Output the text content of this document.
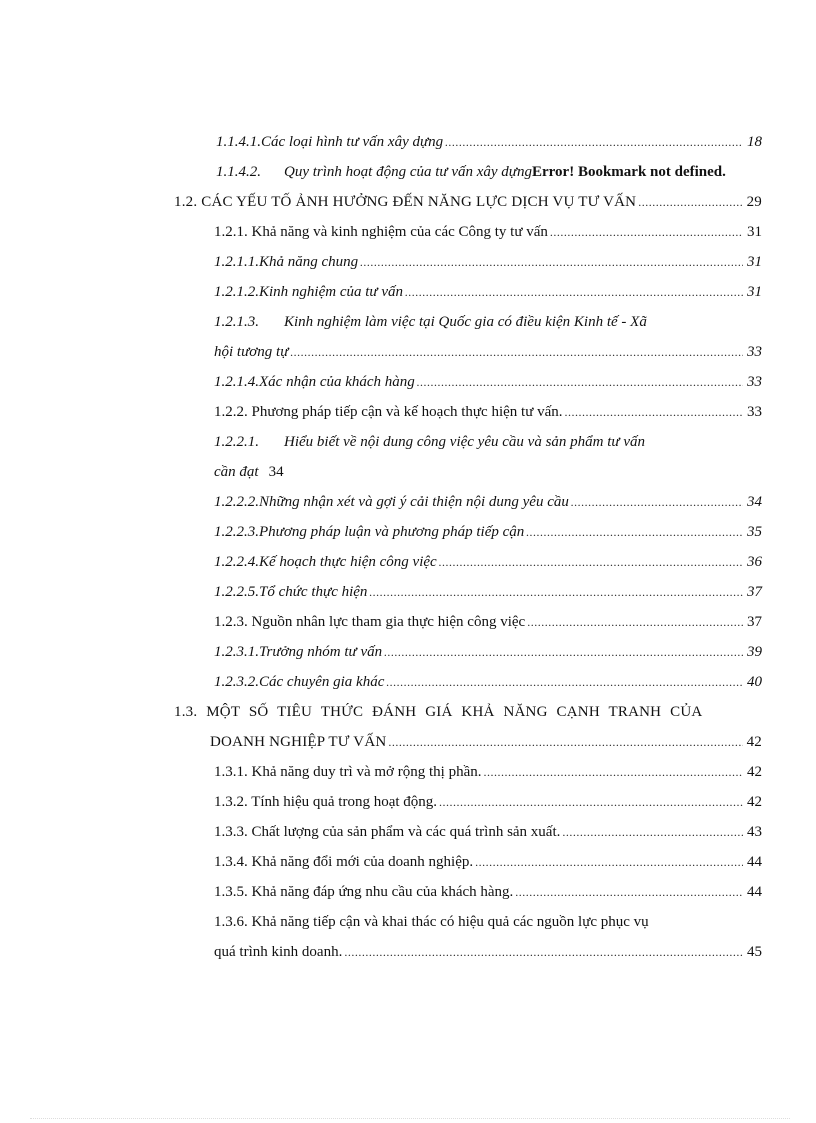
1.1.4.1. Các loại hình tư vấn xây dựng .....	18
1.1.4.2.	Quy trình hoạt động của tư vấn xây dựng Error! Bookmark not defined.
1.2. CÁC YẾU TỐ ẢNH HƯỞNG ĐẾN NĂNG LỰC DỊCH VỤ TƯ VẤN .....	29
1.2.1. Khả năng và kinh nghiệm của các Công ty tư vấn .....	31
1.2.1.1. Khả năng chung .....	31
1.2.1.2. Kinh nghiệm của tư vấn .....	31
1.2.1.3.	Kinh nghiệm làm việc tại Quốc gia có điều kiện Kinh tế - Xã
hội tương tự .....	33
1.2.1.4. Xác nhận của khách hàng .....	33
1.2.2. Phương pháp tiếp cận và kế hoạch thực hiện tư vấn. .....	33
1.2.2.1.	Hiểu biết về nội dung công việc yêu cầu và sản phẩm tư vấn
cần đạt 34
1.2.2.2. Những nhận xét và gợi ý cải thiện nội dung yêu cầu .....	34
1.2.2.3. Phương pháp luận và phương pháp tiếp cận .....	35
1.2.2.4. Kế hoạch thực hiện công việc .....	36
1.2.2.5. Tổ chức thực hiện .....	37
1.2.3. Nguồn nhân lực tham gia thực hiện công việc .....	37
1.2.3.1. Trưởng nhóm tư vấn .....	39
1.2.3.2. Các chuyên gia khác .....	40
1.3. MỘT SỐ TIÊU THỨC ĐÁNH GIÁ KHẢ NĂNG CẠNH TRANH CỦA
DOANH NGHIỆP TƯ VẤN .....	42
1.3.1. Khả năng duy trì và mở rộng thị phần. .....	42
1.3.2. Tính hiệu quả trong hoạt động. .....	42
1.3.3. Chất lượng của sản phẩm và các quá trình sản xuất. .....	43
1.3.4. Khả năng đổi mới của doanh nghiệp. .....	44
1.3.5. Khả năng đáp ứng nhu cầu của khách hàng. .....	44
1.3.6. Khả năng tiếp cận và khai thác có hiệu quả các nguồn lực phục vụ
quá trình kinh doanh. .....	45
